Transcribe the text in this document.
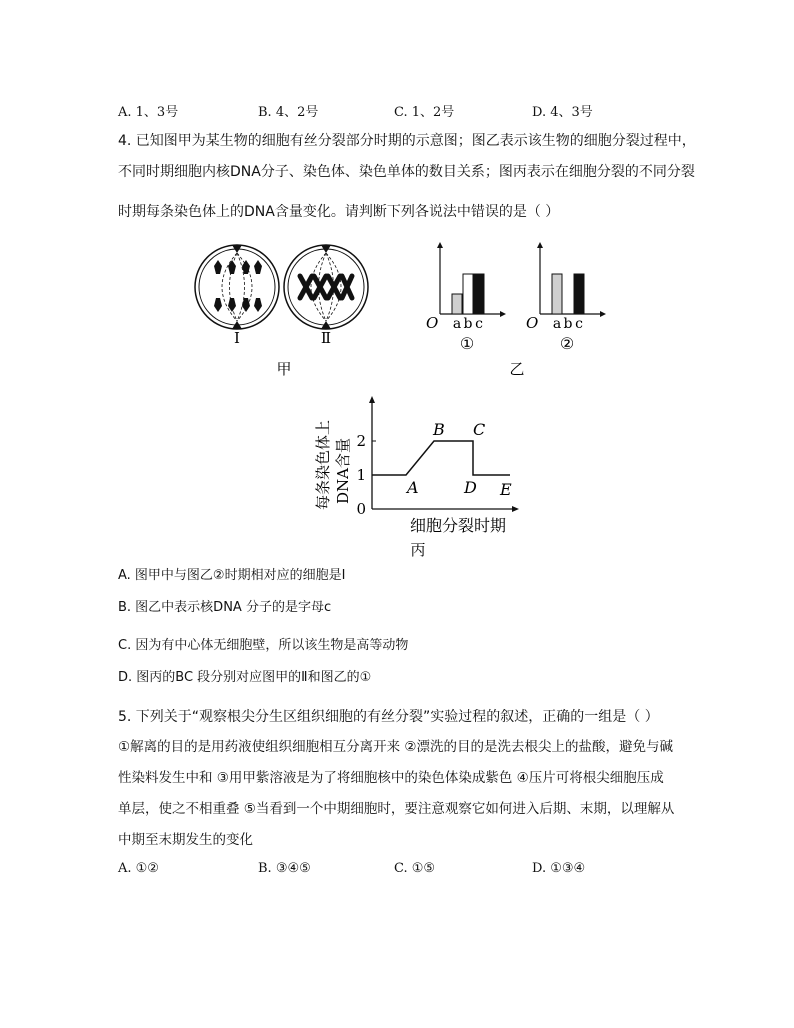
A. 1、3号	B. 4、2号	C. 1、2号	D. 4、3号
4. 已知图甲为某生物的细胞有丝分裂部分时期的示意图；图乙表示该生物的细胞分裂过程中，
不同时期细胞内核DNA分子、染色体、染色单体的数目关系；图丙表示在细胞分裂的不同分裂
时期每条染色体上的DNA含量变化。请判断下列各说法中错误的是（ ）
Ⅰ	Ⅱ
甲
O a b c
①
O a b c
②
乙
每条染色体上 DNA含量
0
1
2
A
B C
D E
细胞分裂时期
丙
A. 图甲中与图乙②时期相对应的细胞是Ⅰ
B. 图乙中表示核DNA 分子的是字母c
C. 因为有中心体无细胞壁，所以该生物是高等动物
D. 图丙的BC 段分别对应图甲的Ⅱ和图乙的①
5. 下列关于“观察根尖分生区组织细胞的有丝分裂”实验过程的叙述，正确的一组是（ ）
①解离的目的是用药液使组织细胞相互分离开来 ②漂洗的目的是洗去根尖上的盐酸，避免与碱
性染料发生中和 ③用甲紫溶液是为了将细胞核中的染色体染成紫色 ④压片可将根尖细胞压成
单层，使之不相重叠 ⑤当看到一个中期细胞时，要注意观察它如何进入后期、末期，以理解从
中期至末期发生的变化
A. ①②	B. ③④⑤	C. ①⑤	D. ①③④
